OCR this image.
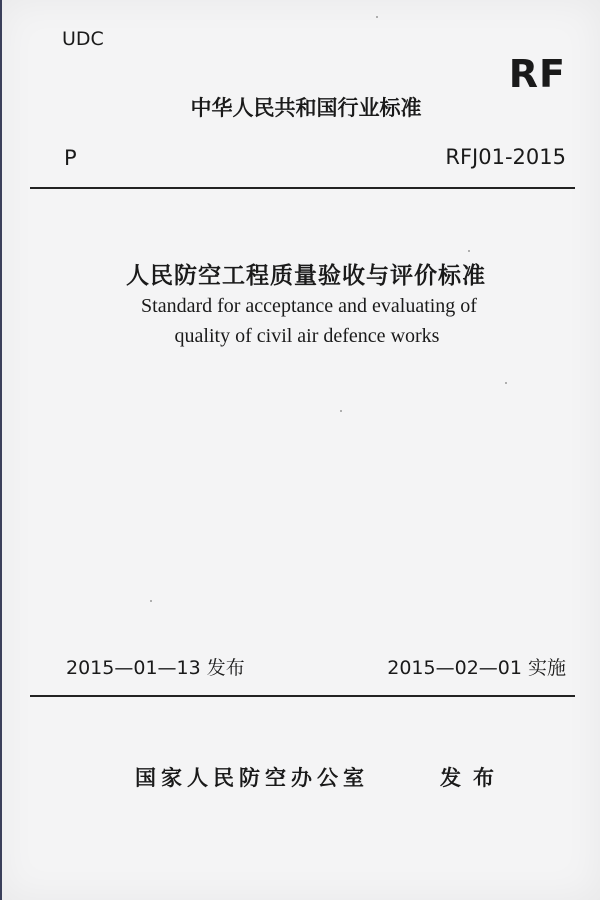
UDC
RF
中华人民共和国行业标准
P	RFJ01-2015
人民防空工程质量验收与评价标准
Standard for acceptance and evaluating of
quality of civil air defence works
2015—01—13 发布	2015—02—01 实施
国家人民防空办公室	发布
